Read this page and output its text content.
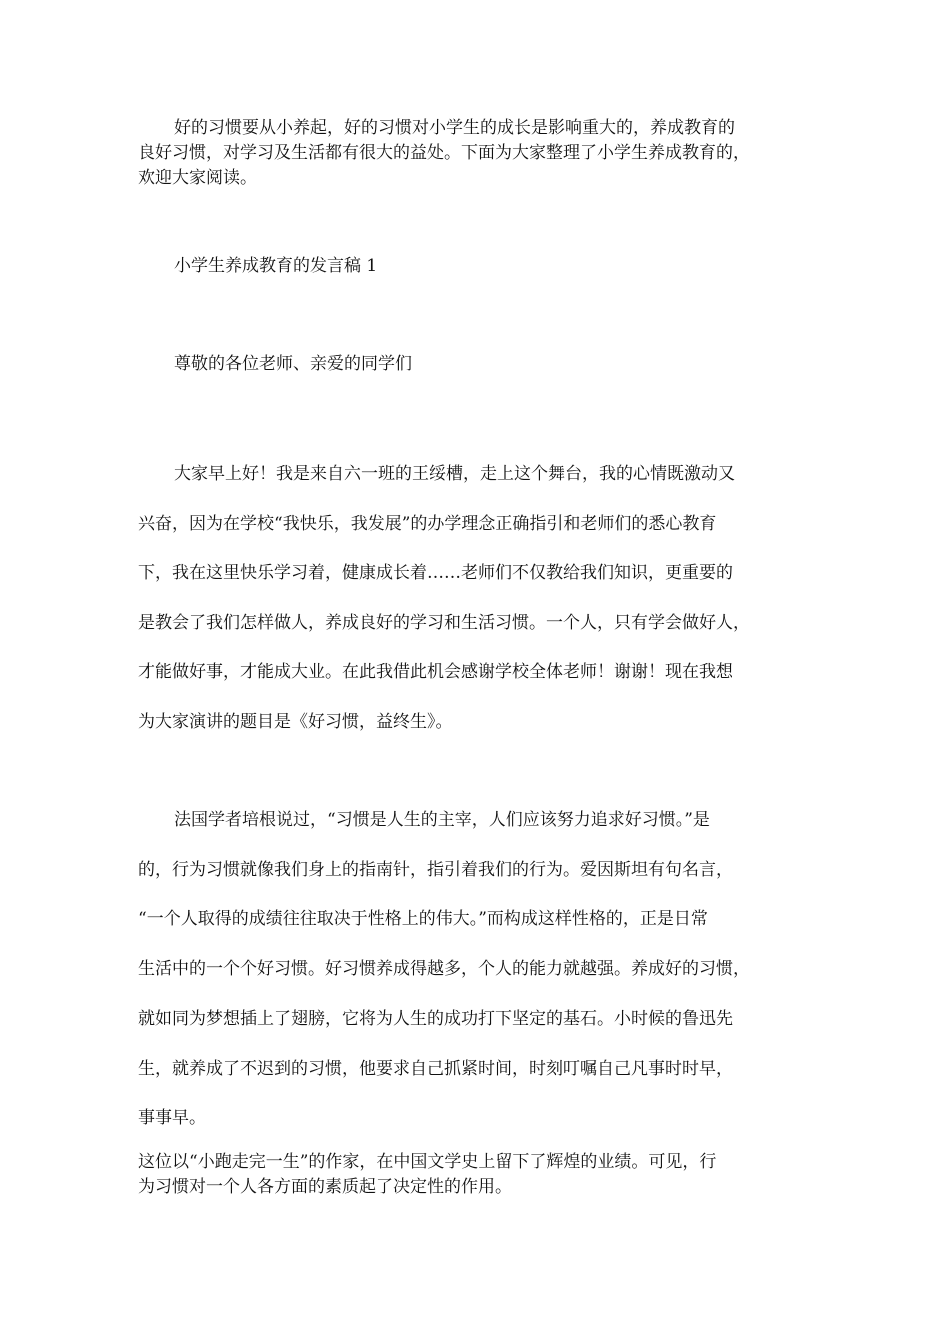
好的习惯要从小养起，好的习惯对小学生的成长是影响重大的，养成教育的
良好习惯，对学习及生活都有很大的益处。下面为大家整理了小学生养成教育的，
欢迎大家阅读。
小学生养成教育的发言稿 1
尊敬的各位老师、亲爱的同学们
大家早上好！我是来自六一班的王绥槽，走上这个舞台，我的心情既激动又
兴奋，因为在学校“我快乐，我发展”的办学理念正确指引和老师们的悉心教育
下，我在这里快乐学习着，健康成长着……老师们不仅教给我们知识，更重要的
是教会了我们怎样做人，养成良好的学习和生活习惯。一个人，只有学会做好人，
才能做好事，才能成大业。在此我借此机会感谢学校全体老师！谢谢！现在我想
为大家演讲的题目是《好习惯，益终生》。
法国学者培根说过，“习惯是人生的主宰，人们应该努力追求好习惯。”是
的，行为习惯就像我们身上的指南针，指引着我们的行为。爱因斯坦有句名言，
“一个人取得的成绩往往取决于性格上的伟大。”而构成这样性格的，正是日常
生活中的一个个好习惯。好习惯养成得越多，个人的能力就越强。养成好的习惯，
就如同为梦想插上了翅膀，它将为人生的成功打下坚定的基石。小时候的鲁迅先
生，就养成了不迟到的习惯，他要求自己抓紧时间，时刻叮嘱自己凡事时时早，
事事早。
这位以“小跑走完一生”的作家，在中国文学史上留下了辉煌的业绩。可见，行
为习惯对一个人各方面的素质起了决定性的作用。
